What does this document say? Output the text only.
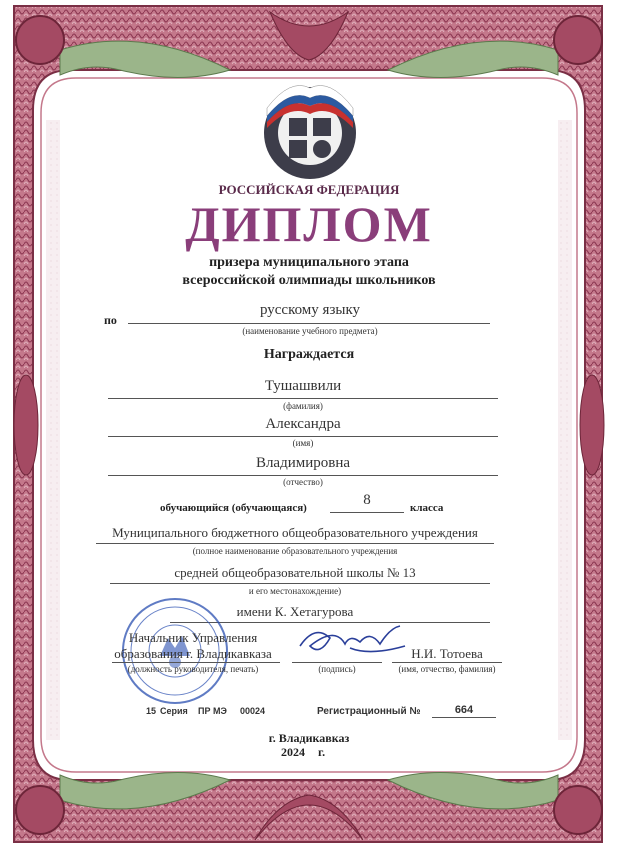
РОССИЙСКАЯ ФЕДЕРАЦИЯ
ДИПЛОМ
призера муниципального этапа
всероссийской олимпиады школьников
по
русскому языку
(наименование учебного предмета)
Награждается
Тушашвили
(фамилия)
Александра
(имя)
Владимировна
(отчество)
обучающийся (обучающаяся)	8	класса
Муниципального бюджетного общеобразовательного учреждения
(полное наименование образовательного учреждения
средней общеобразовательной школы № 13
и его местонахождение)
имени К. Хетагурова
Начальник Управления
образования г. Владикавказа
(должность руководителя, печать)	(подпись)
Н.И. Тотоева
(имя, отчество, фамилия)
15 Серия ПР МЭ 00024	Регистрационный №	664
г. Владикавказ
2024 г.
